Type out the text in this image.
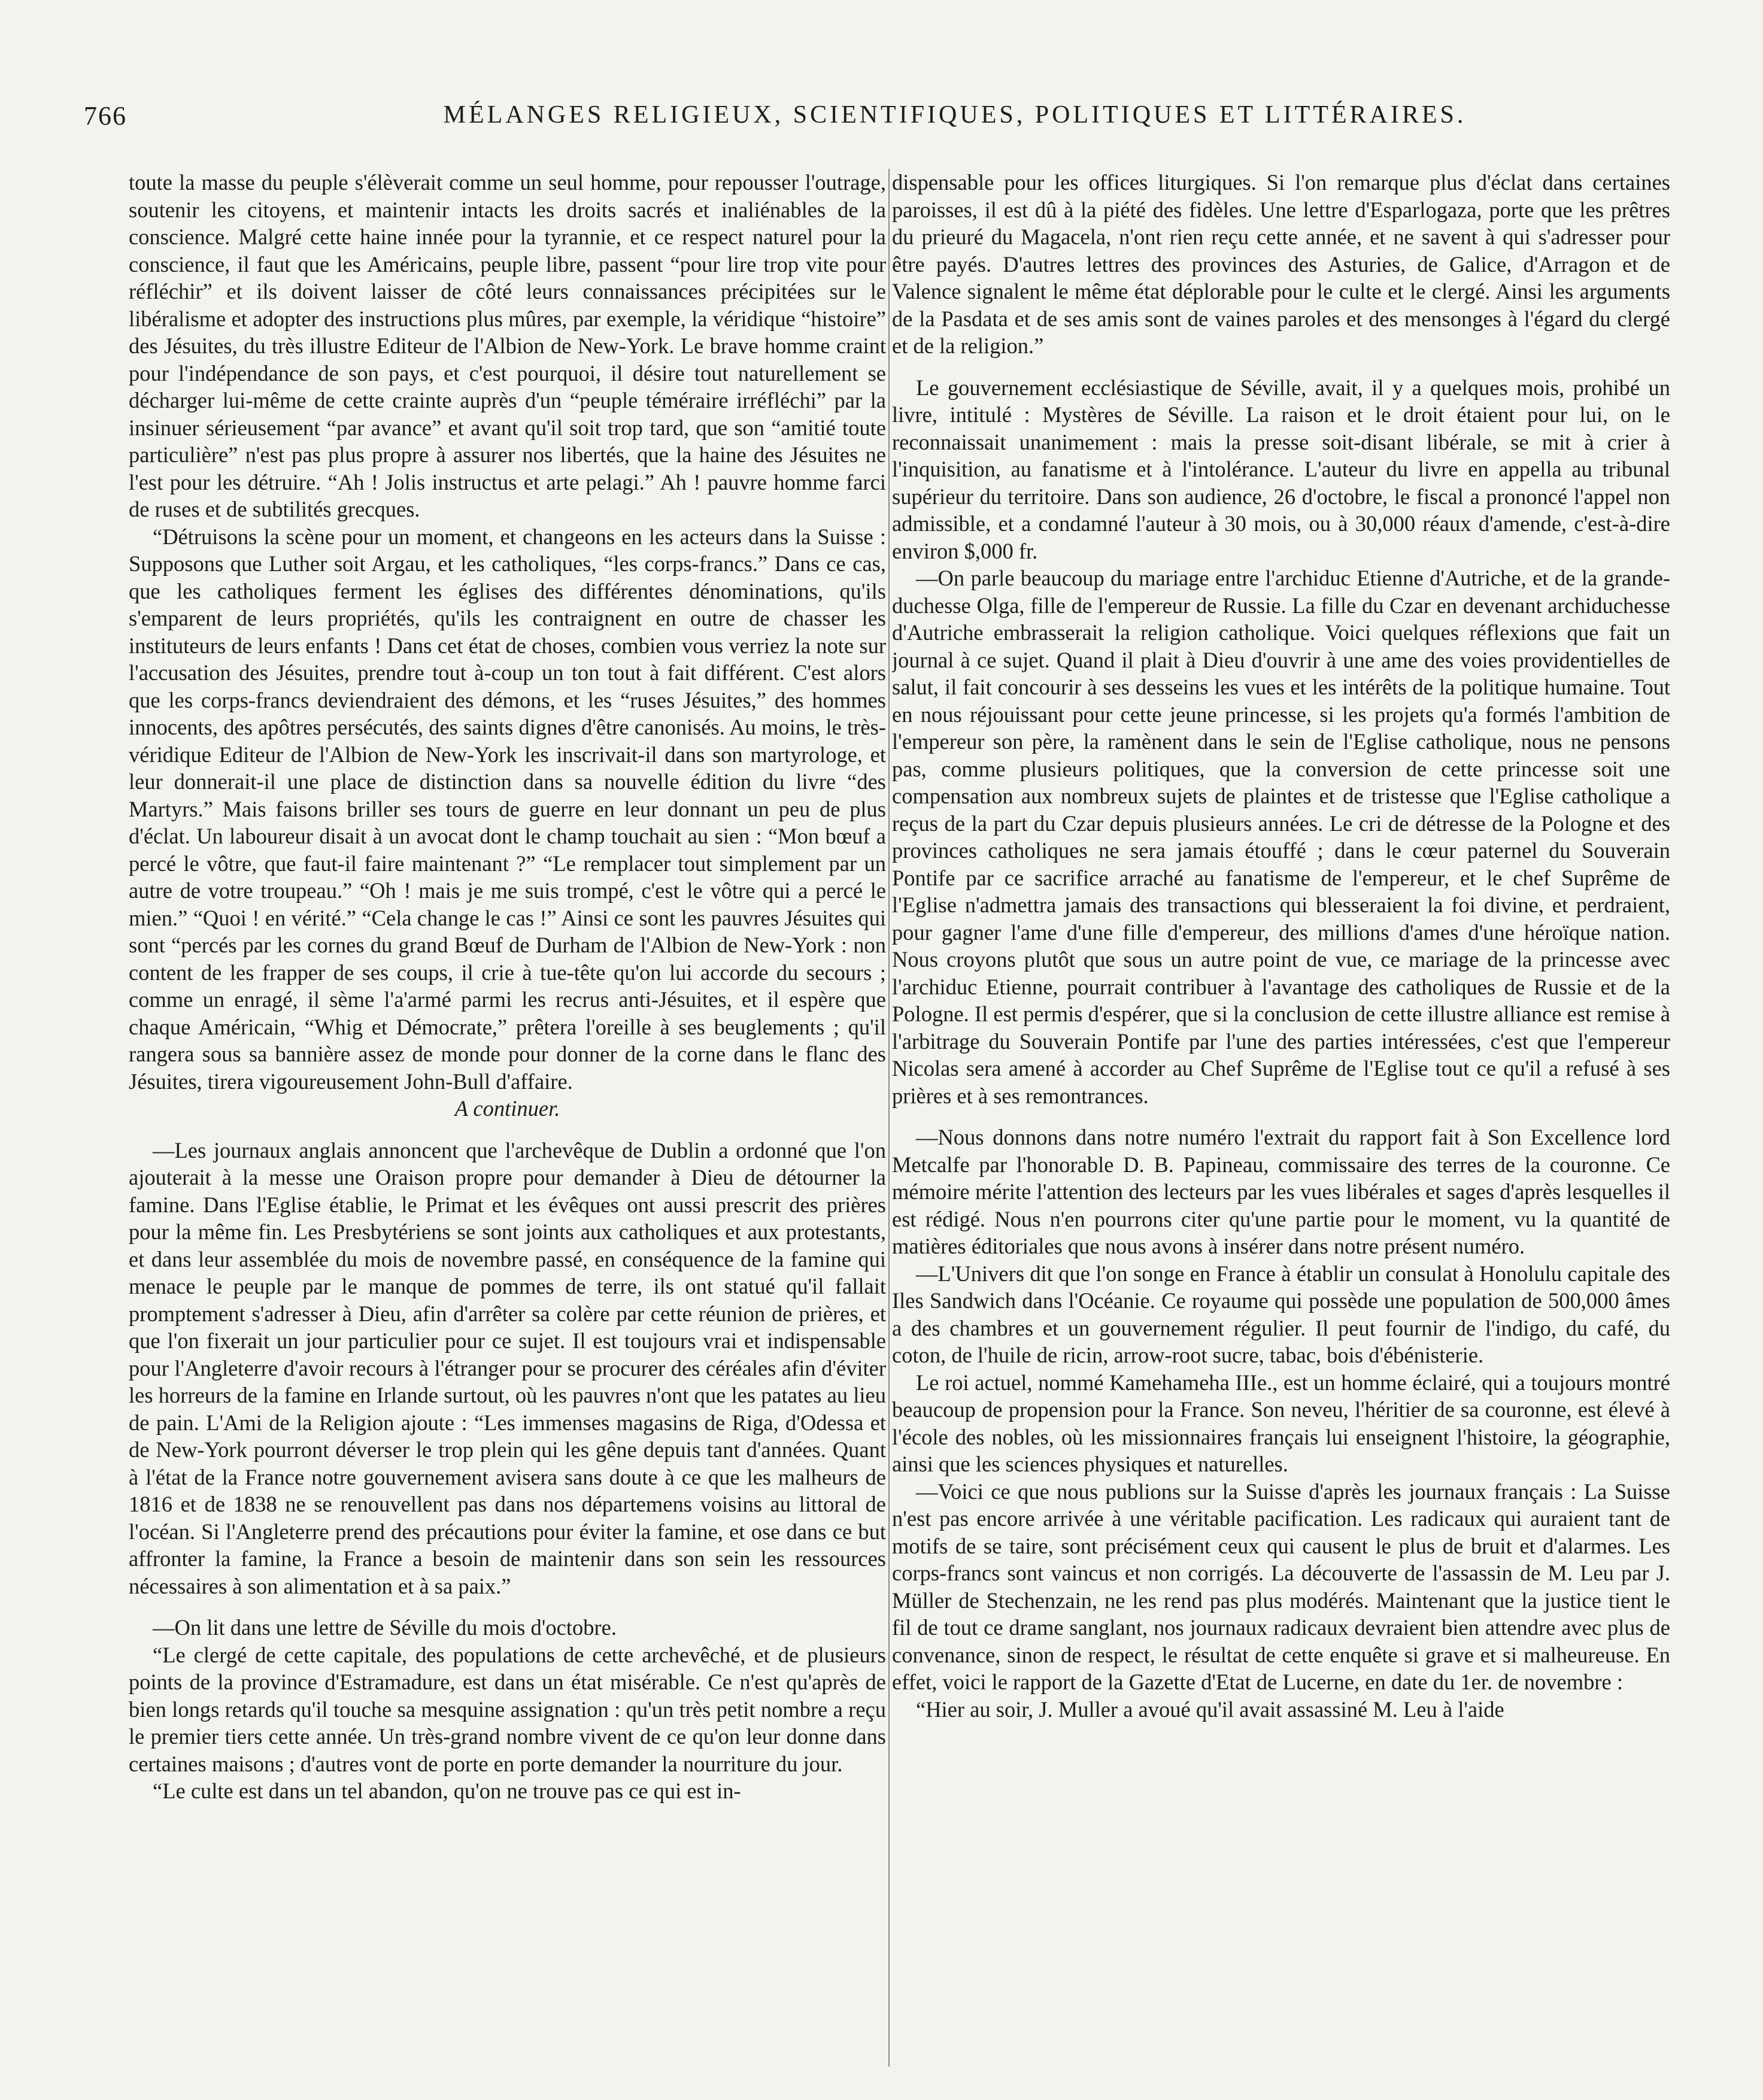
766	MÉLANGES RELIGIEUX, SCIENTIFIQUES, POLITIQUES ET LITTÉRAIRES.

toute la masse du peuple s'élèverait comme un seul homme, pour repousser l'outrage, soutenir les citoyens, et maintenir intacts les droits sacrés et inaliénables de la conscience. Malgré cette haine innée pour la tyrannie, et ce respect naturel pour la conscience, il faut que les Américains, peuple libre, passent “pour lire trop vite pour réfléchir” et ils doivent laisser de côté leurs connaissances précipitées sur le libéralisme et adopter des instructions plus mûres, par exemple, la véridique “histoire” des Jésuites, du très illustre Editeur de l'Albion de New-York. Le brave homme craint pour l'indépendance de son pays, et c'est pourquoi, il désire tout naturellement se décharger lui-même de cette crainte auprès d'un “peuple téméraire irréfléchi” par la insinuer sérieusement “par avance” et avant qu'il soit trop tard, que son “amitié toute particulière” n'est pas plus propre à assurer nos libertés, que la haine des Jésuites ne l'est pour les détruire. “Ah ! Jolis instructus et arte pelagi.” Ah ! pauvre homme farci de ruses et de subtilités grecques.

“Détruisons la scène pour un moment, et changeons en les acteurs dans la Suisse : Supposons que Luther soit Argau, et les catholiques, “les corps-francs.” Dans ce cas, que les catholiques ferment les églises des différentes dénominations, qu'ils s'emparent de leurs propriétés, qu'ils les contraignent en outre de chasser les instituteurs de leurs enfants ! Dans cet état de choses, combien vous verriez la note sur l'accusation des Jésuites, prendre tout à-coup un ton tout à fait différent. C'est alors que les corps-francs deviendraient des démons, et les “ruses Jésuites,” des hommes innocents, des apôtres persécutés, des saints dignes d'être canonisés. Au moins, le très-véridique Editeur de l'Albion de New-York les inscrivait-il dans son martyrologe, et leur donnerait-il une place de distinction dans sa nouvelle édition du livre “des Martyrs.” Mais faisons briller ses tours de guerre en leur donnant un peu de plus d'éclat. Un laboureur disait à un avocat dont le champ touchait au sien : “Mon bœuf a percé le vôtre, que faut-il faire maintenant ?” “Le remplacer tout simplement par un autre de votre troupeau.” “Oh ! mais je me suis trompé, c'est le vôtre qui a percé le mien.” “Quoi ! en vérité.” “Cela change le cas !” Ainsi ce sont les pauvres Jésuites qui sont “percés par les cornes du grand Bœuf de Durham de l'Albion de New-York : non content de les frapper de ses coups, il crie à tue-tête qu'on lui accorde du secours ; comme un enragé, il sème l'a'armé parmi les recrus anti-Jésuites, et il espère que chaque Américain, “Whig et Démocrate,” prêtera l'oreille à ses beuglements ; qu'il rangera sous sa bannière assez de monde pour donner de la corne dans le flanc des Jésuites, tirera vigoureusement John-Bull d'affaire.

A continuer.

—Les journaux anglais annoncent que l'archevêque de Dublin a ordonné que l'on ajouterait à la messe une Oraison propre pour demander à Dieu de détourner la famine. Dans l'Eglise établie, le Primat et les évêques ont aussi prescrit des prières pour la même fin. Les Presbytériens se sont joints aux catholiques et aux protestants, et dans leur assemblée du mois de novembre passé, en conséquence de la famine qui menace le peuple par le manque de pommes de terre, ils ont statué qu'il fallait promptement s'adresser à Dieu, afin d'arrêter sa colère par cette réunion de prières, et que l'on fixerait un jour particulier pour ce sujet. Il est toujours vrai et indispensable pour l'Angleterre d'avoir recours à l'étranger pour se procurer des céréales afin d'éviter les horreurs de la famine en Irlande surtout, où les pauvres n'ont que les patates au lieu de pain. L'Ami de la Religion ajoute : “Les immenses magasins de Riga, d'Odessa et de New-York pourront déverser le trop plein qui les gêne depuis tant d'années. Quant à l'état de la France notre gouvernement avisera sans doute à ce que les malheurs de 1816 et de 1838 ne se renouvellent pas dans nos départemens voisins au littoral de l'océan. Si l'Angleterre prend des précautions pour éviter la famine, et ose dans ce but affronter la famine, la France a besoin de maintenir dans son sein les ressources nécessaires à son alimentation et à sa paix.”

—On lit dans une lettre de Séville du mois d'octobre.

“Le clergé de cette capitale, des populations de cette archevêché, et de plusieurs points de la province d'Estramadure, est dans un état misérable. Ce n'est qu'après de bien longs retards qu'il touche sa mesquine assignation : qu'un très petit nombre a reçu le premier tiers cette année. Un très-grand nombre vivent de ce qu'on leur donne dans certaines maisons ; d'autres vont de porte en porte demander la nourriture du jour.

“Le culte est dans un tel abandon, qu'on ne trouve pas ce qui est in-

dispensable pour les offices liturgiques. Si l'on remarque plus d'éclat dans certaines paroisses, il est dû à la piété des fidèles. Une lettre d'Esparlogaza, porte que les prêtres du prieuré du Magacela, n'ont rien reçu cette année, et ne savent à qui s'adresser pour être payés. D'autres lettres des provinces des Asturies, de Galice, d'Arragon et de Valence signalent le même état déplorable pour le culte et le clergé. Ainsi les arguments de la Pasdata et de ses amis sont de vaines paroles et des mensonges à l'égard du clergé et de la religion.”

Le gouvernement ecclésiastique de Séville, avait, il y a quelques mois, prohibé un livre, intitulé : Mystères de Séville. La raison et le droit étaient pour lui, on le reconnaissait unanimement : mais la presse soit-disant libérale, se mit à crier à l'inquisition, au fanatisme et à l'intolérance. L'auteur du livre en appella au tribunal supérieur du territoire. Dans son audience, 26 d'octobre, le fiscal a prononcé l'appel non admissible, et a condamné l'auteur à 30 mois, ou à 30,000 réaux d'amende, c'est-à-dire environ $,000 fr.

—On parle beaucoup du mariage entre l'archiduc Etienne d'Autriche, et de la grande-duchesse Olga, fille de l'empereur de Russie. La fille du Czar en devenant archiduchesse d'Autriche embrasserait la religion catholique. Voici quelques réflexions que fait un journal à ce sujet. Quand il plait à Dieu d'ouvrir à une ame des voies providentielles de salut, il fait concourir à ses desseins les vues et les intérêts de la politique humaine. Tout en nous réjouissant pour cette jeune princesse, si les projets qu'a formés l'ambition de l'empereur son père, la ramènent dans le sein de l'Eglise catholique, nous ne pensons pas, comme plusieurs politiques, que la conversion de cette princesse soit une compensation aux nombreux sujets de plaintes et de tristesse que l'Eglise catholique a reçus de la part du Czar depuis plusieurs années. Le cri de détresse de la Pologne et des provinces catholiques ne sera jamais étouffé ; dans le cœur paternel du Souverain Pontife par ce sacrifice arraché au fanatisme de l'empereur, et le chef Suprême de l'Eglise n'admettra jamais des transactions qui blesseraient la foi divine, et perdraient, pour gagner l'ame d'une fille d'empereur, des millions d'ames d'une héroïque nation. Nous croyons plutôt que sous un autre point de vue, ce mariage de la princesse avec l'archiduc Etienne, pourrait contribuer à l'avantage des catholiques de Russie et de la Pologne. Il est permis d'espérer, que si la conclusion de cette illustre alliance est remise à l'arbitrage du Souverain Pontife par l'une des parties intéressées, c'est que l'empereur Nicolas sera amené à accorder au Chef Suprême de l'Eglise tout ce qu'il a refusé à ses prières et à ses remontrances.

—Nous donnons dans notre numéro l'extrait du rapport fait à Son Excellence lord Metcalfe par l'honorable D. B. Papineau, commissaire des terres de la couronne. Ce mémoire mérite l'attention des lecteurs par les vues libérales et sages d'après lesquelles il est rédigé. Nous n'en pourrons citer qu'une partie pour le moment, vu la quantité de matières éditoriales que nous avons à insérer dans notre présent numéro.

—L'Univers dit que l'on songe en France à établir un consulat à Honolulu capitale des Iles Sandwich dans l'Océanie. Ce royaume qui possède une population de 500,000 âmes a des chambres et un gouvernement régulier. Il peut fournir de l'indigo, du café, du coton, de l'huile de ricin, arrow-root sucre, tabac, bois d'ébénisterie.

Le roi actuel, nommé Kamehameha IIIe., est un homme éclairé, qui a toujours montré beaucoup de propension pour la France. Son neveu, l'héritier de sa couronne, est élevé à l'école des nobles, où les missionnaires français lui enseignent l'histoire, la géographie, ainsi que les sciences physiques et naturelles.

—Voici ce que nous publions sur la Suisse d'après les journaux français : La Suisse n'est pas encore arrivée à une véritable pacification. Les radicaux qui auraient tant de motifs de se taire, sont précisément ceux qui causent le plus de bruit et d'alarmes. Les corps-francs sont vaincus et non corrigés. La découverte de l'assassin de M. Leu par J. Müller de Stechenzain, ne les rend pas plus modérés. Maintenant que la justice tient le fil de tout ce drame sanglant, nos journaux radicaux devraient bien attendre avec plus de convenance, sinon de respect, le résultat de cette enquête si grave et si malheureuse. En effet, voici le rapport de la Gazette d'Etat de Lucerne, en date du 1er. de novembre :

“Hier au soir, J. Muller a avoué qu'il avait assassiné M. Leu à l'aide
